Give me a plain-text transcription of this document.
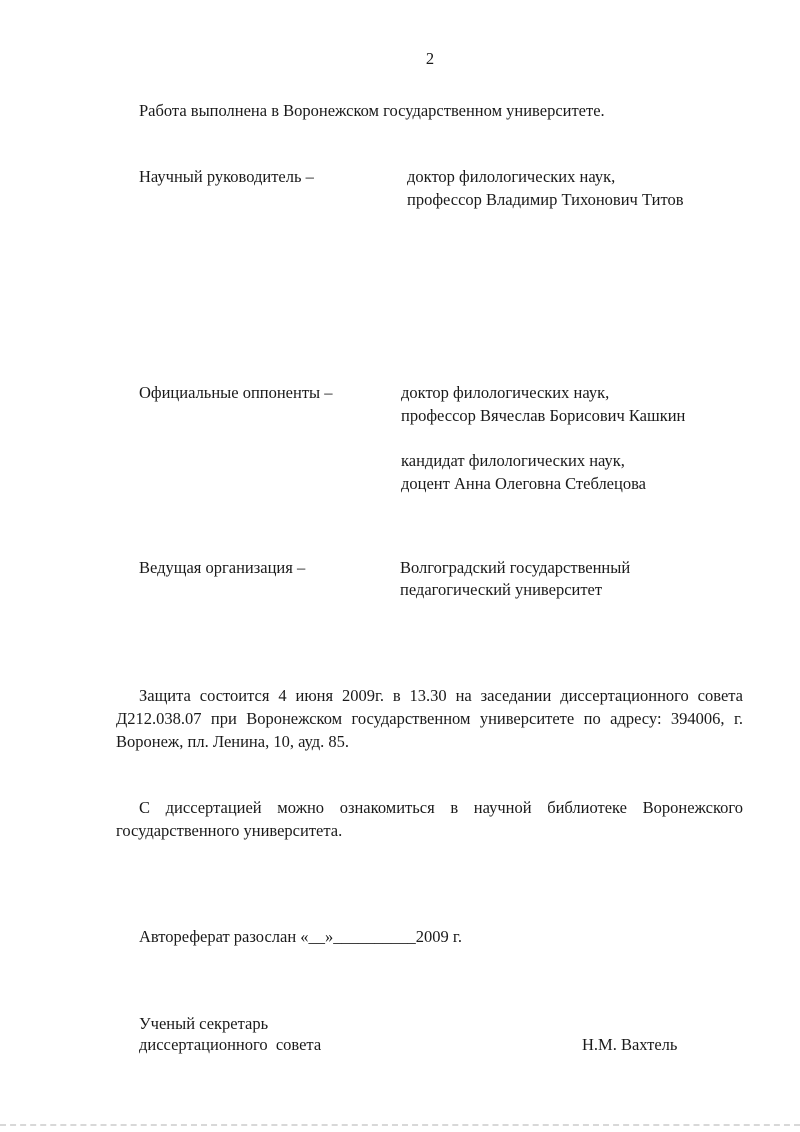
2
Работа выполнена в Воронежском государственном университете.
Научный руководитель –	доктор филологических наук,
профессор Владимир Тихонович Титов
Официальные оппоненты –	доктор филологических наук,
профессор Вячеслав Борисович Кашкин
кандидат филологических наук,
доцент Анна Олеговна Стеблецова
Ведущая организация –	Волгоградский государственный
педагогический университет
Защита состоится 4 июня 2009г. в 13.30 на заседании диссертационного совета Д212.038.07 при Воронежском государственном университете по адресу: 394006, г. Воронеж, пл. Ленина, 10, ауд. 85.
С диссертацией можно ознакомиться в научной библиотеке Воронежского государственного университета.
Автореферат разослан «__»__________2009 г.
Ученый секретарь
диссертационного  совета	Н.М. Вахтель
